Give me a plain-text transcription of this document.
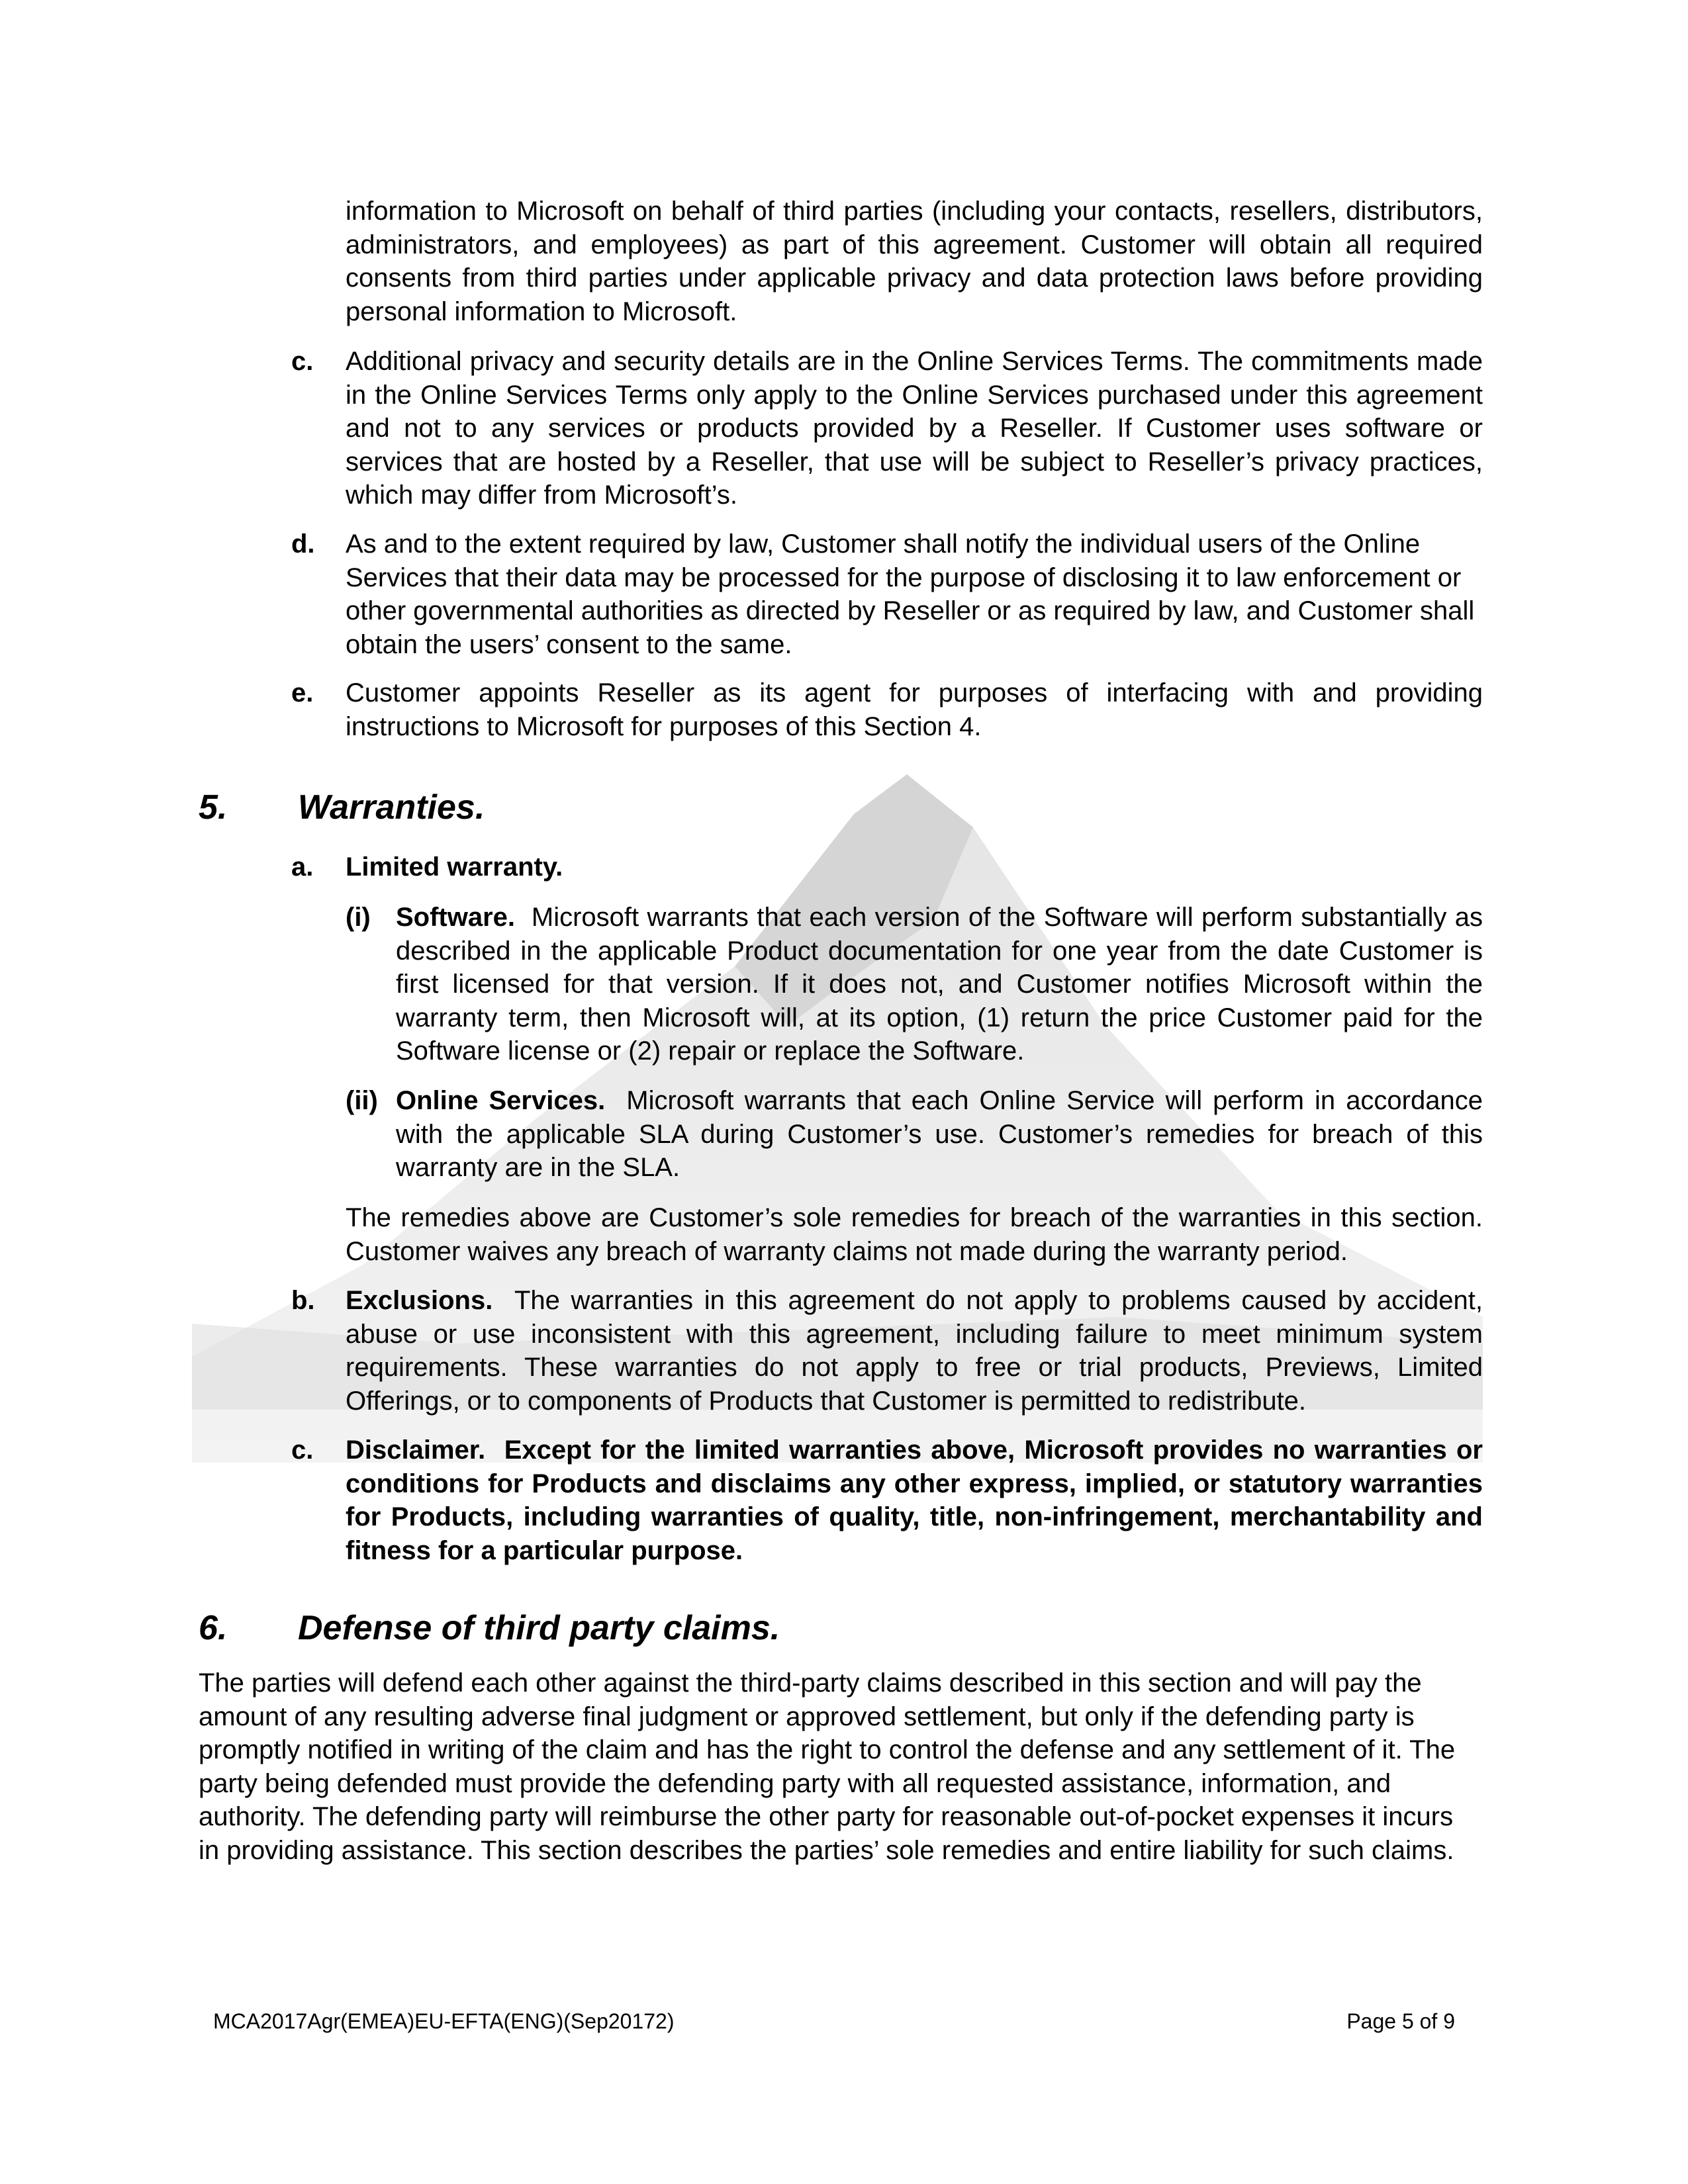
information to Microsoft on behalf of third parties (including your contacts, resellers, distributors, administrators, and employees) as part of this agreement. Customer will obtain all required consents from third parties under applicable privacy and data protection laws before providing personal information to Microsoft.
c. Additional privacy and security details are in the Online Services Terms. The commitments made in the Online Services Terms only apply to the Online Services purchased under this agreement and not to any services or products provided by a Reseller. If Customer uses software or services that are hosted by a Reseller, that use will be subject to Reseller’s privacy practices, which may differ from Microsoft’s.
d. As and to the extent required by law, Customer shall notify the individual users of the Online Services that their data may be processed for the purpose of disclosing it to law enforcement or other governmental authorities as directed by Reseller or as required by law, and Customer shall obtain the users’ consent to the same.
e. Customer appoints Reseller as its agent for purposes of interfacing with and providing instructions to Microsoft for purposes of this Section 4.
5. Warranties.
a. Limited warranty.
(i) Software. Microsoft warrants that each version of the Software will perform substantially as described in the applicable Product documentation for one year from the date Customer is first licensed for that version. If it does not, and Customer notifies Microsoft within the warranty term, then Microsoft will, at its option, (1) return the price Customer paid for the Software license or (2) repair or replace the Software.
(ii) Online Services. Microsoft warrants that each Online Service will perform in accordance with the applicable SLA during Customer’s use. Customer’s remedies for breach of this warranty are in the SLA.
The remedies above are Customer’s sole remedies for breach of the warranties in this section. Customer waives any breach of warranty claims not made during the warranty period.
b. Exclusions. The warranties in this agreement do not apply to problems caused by accident, abuse or use inconsistent with this agreement, including failure to meet minimum system requirements. These warranties do not apply to free or trial products, Previews, Limited Offerings, or to components of Products that Customer is permitted to redistribute.
c. Disclaimer. Except for the limited warranties above, Microsoft provides no warranties or conditions for Products and disclaims any other express, implied, or statutory warranties for Products, including warranties of quality, title, non-infringement, merchantability and fitness for a particular purpose.
6. Defense of third party claims.
The parties will defend each other against the third-party claims described in this section and will pay the amount of any resulting adverse final judgment or approved settlement, but only if the defending party is promptly notified in writing of the claim and has the right to control the defense and any settlement of it. The party being defended must provide the defending party with all requested assistance, information, and authority. The defending party will reimburse the other party for reasonable out-of-pocket expenses it incurs in providing assistance. This section describes the parties’ sole remedies and entire liability for such claims.
MCA2017Agr(EMEA)EU-EFTA(ENG)(Sep20172)	Page 5 of 9
